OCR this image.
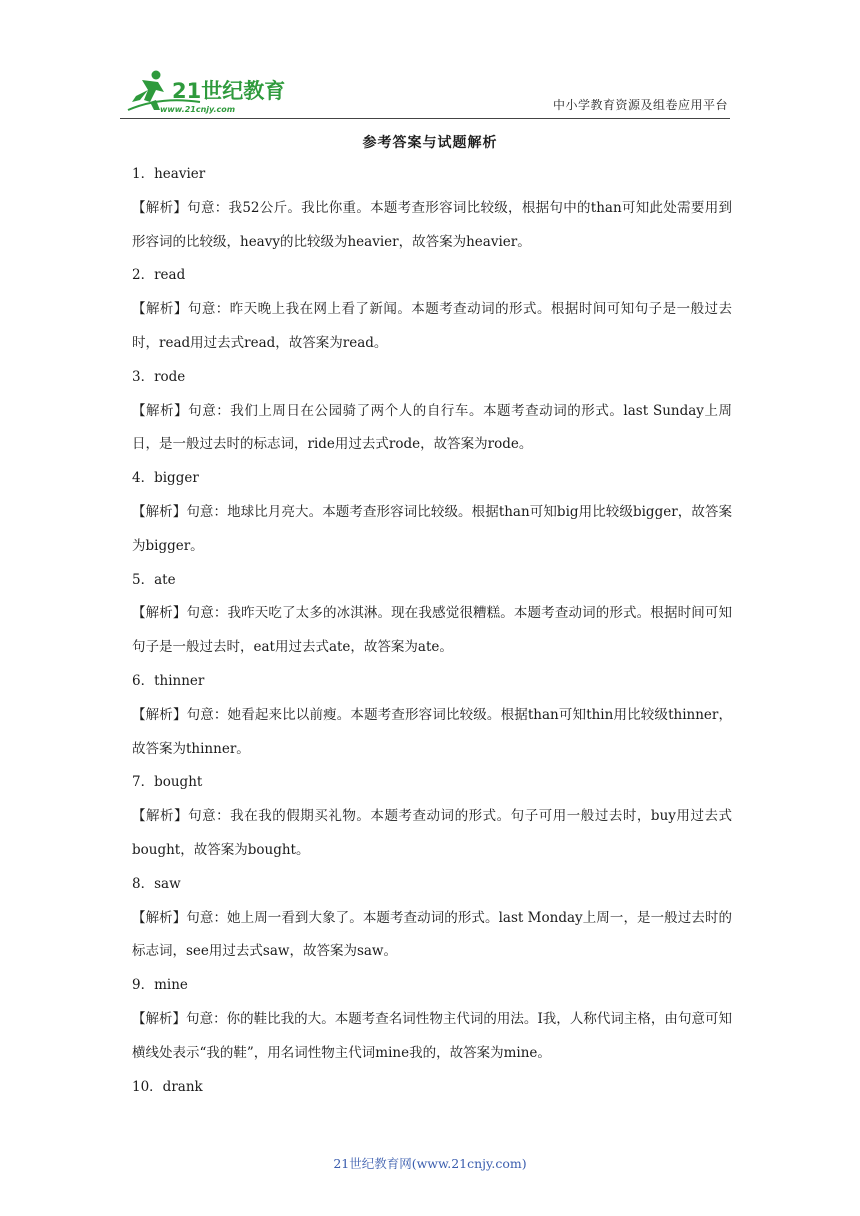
21世纪教育
www.21cnjy.com	中小学教育资源及组卷应用平台
参考答案与试题解析
1．heavier
【解析】句意：我52公斤。我比你重。本题考查形容词比较级，根据句中的than可知此处需要用到形容词的比较级，heavy的比较级为heavier，故答案为heavier。
2．read
【解析】句意：昨天晚上我在网上看了新闻。本题考查动词的形式。根据时间可知句子是一般过去时，read用过去式read，故答案为read。
3．rode
【解析】句意：我们上周日在公园骑了两个人的自行车。本题考查动词的形式。last Sunday上周日，是一般过去时的标志词，ride用过去式rode，故答案为rode。
4．bigger
【解析】句意：地球比月亮大。本题考查形容词比较级。根据than可知big用比较级bigger，故答案为bigger。
5．ate
【解析】句意：我昨天吃了太多的冰淇淋。现在我感觉很糟糕。本题考查动词的形式。根据时间可知句子是一般过去时，eat用过去式ate，故答案为ate。
6．thinner
【解析】句意：她看起来比以前瘦。本题考查形容词比较级。根据than可知thin用比较级thinner，故答案为thinner。
7．bought
【解析】句意：我在我的假期买礼物。本题考查动词的形式。句子可用一般过去时，buy用过去式bought，故答案为bought。
8．saw
【解析】句意：她上周一看到大象了。本题考查动词的形式。last Monday上周一，是一般过去时的标志词，see用过去式saw，故答案为saw。
9．mine
【解析】句意：你的鞋比我的大。本题考查名词性物主代词的用法。I我，人称代词主格，由句意可知横线处表示“我的鞋”，用名词性物主代词mine我的，故答案为mine。
10．drank
21世纪教育网(www.21cnjy.com)
